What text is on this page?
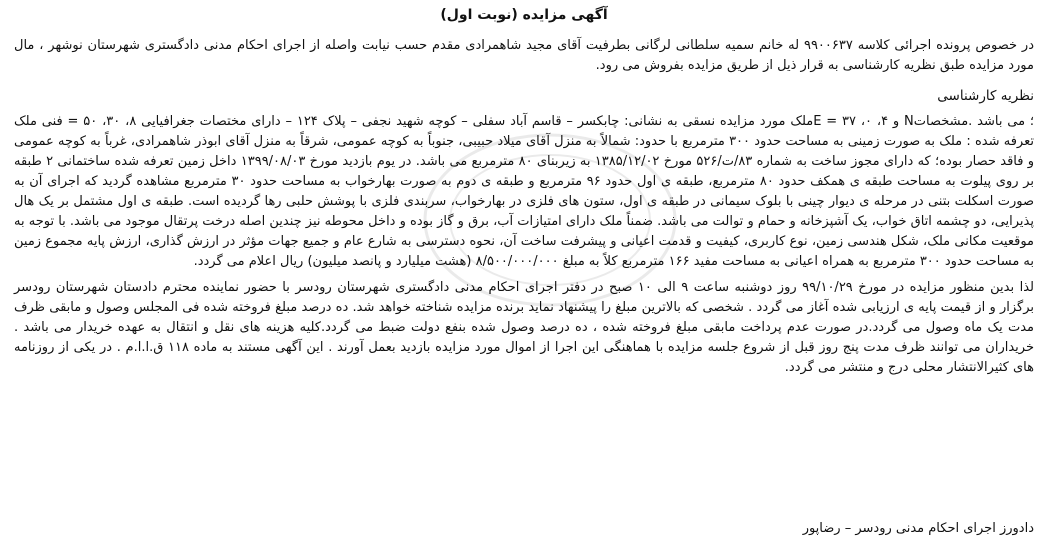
آگهی مزایده (نوبت اول)

در خصوص پرونده اجرائی کلاسه ۹۹۰۰۶۳۷ له خانم سمیه سلطانی لرگانی بطرفیت آقای مجید شاهمرادی مقدم حسب نیابت واصله از اجرای احکام مدنی دادگستری شهرستان نوشهر ، مال مورد مزایده طبق نظریه کارشناسی به قرار ذیل از طریق مزایده بفروش می رود.

نظریه کارشناسی

؛ می باشد .مشخصاتN و ۴، ۰، ۳۷ = Eملک مورد مزایده نسقی به نشانی: چابکسر – قاسم آباد سفلی – کوچه شهید نجفی – پلاک ۱۲۴ – دارای مختصات جغرافیایی ۸، ۳۰، ۵۰ = فنی ملک تعرفه شده : ملک به صورت زمینی به مساحت حدود ۳۰۰ مترمربع با حدود: شمالاً به منزل آقای میلاد حبیبی، جنوباً به کوچه عمومی، شرقاً به منزل آقای ابوذر شاهمرادی، غرباً به کوچه عمومی و فاقد حصار بوده؛ که دارای مجوز ساخت به شماره ۸۳/ت/۵۲۶ مورخ ۱۳۸۵/۱۲/۰۲ به زیربنای ۸۰ مترمربع می باشد. در یوم بازدید مورخ ۱۳۹۹/۰۸/۰۳ داخل زمین تعرفه شده ساختمانی ۲ طبقه بر روی پیلوت به مساحت طبقه ی همکف حدود ۸۰ مترمربع، طبقه ی اول حدود ۹۶ مترمربع و طبقه ی دوم به صورت بهارخواب به مساحت حدود ۳۰ مترمربع مشاهده گردید که اجرای آن به صورت اسکلت بتنی در مرحله ی دیوار چینی با بلوک سیمانی در طبقه ی اول، ستون های فلزی در بهارخواب، سربندی فلزی با پوشش حلبی رها گردیده است. طبقه ی اول مشتمل بر یک هال پذیرایی، دو چشمه اتاق خواب، یک آشپزخانه و حمام و توالت می باشد. ضمناً ملک دارای امتیازات آب، برق و گاز بوده و داخل محوطه نیز چندین اصله درخت پرتقال موجود می باشد. با توجه به موقعیت مکانی ملک، شکل هندسی زمین، نوع کاربری، کیفیت و قدمت اعیانی و پیشرفت ساخت آن، نحوه دسترسی به شارع عام و جمیع جهات مؤثر در ارزش گذاری، ارزش پایه مجموع زمین به مساحت حدود ۳۰۰ مترمربع به همراه اعیانی به مساحت مفید ۱۶۶ مترمربع کلاً به مبلغ ۸/۵۰۰/۰۰۰/۰۰۰ (هشت میلیارد و پانصد میلیون) ریال اعلام می گردد.

لذا بدین منظور مزایده در مورخ ۹۹/۱۰/۲۹ روز دوشنبه ساعت ۹ الی ۱۰ صبح در دفتر اجرای احکام مدنی دادگستری شهرستان رودسر با حضور نماینده محترم دادستان شهرستان رودسر برگزار و از قیمت پایه ی ارزیابی شده آغاز می گردد . شخصی که بالاترین مبلغ را پیشنهاد نماید برنده مزایده شناخته خواهد شد. ده درصد مبلغ فروخته شده فی المجلس وصول و مابقی ظرف مدت یک ماه وصول می گردد.در صورت عدم پرداخت مابقی مبلغ فروخته شده ، ده درصد وصول شده بنفع دولت ضبط می گردد.کلیه هزینه های نقل و انتقال به عهده خریدار می باشد . خریداران می توانند ظرف مدت پنج روز قبل از شروع جلسه مزایده با هماهنگی این اجرا از اموال مورد مزایده بازدید بعمل آورند . این آگهی مستند به ماده ۱۱۸ ق.ا.ا.م . در یکی از روزنامه های کثیرالانتشار محلی درج و منتشر می گردد.

دادورز اجرای احکام مدنی رودسر – رضاپور
